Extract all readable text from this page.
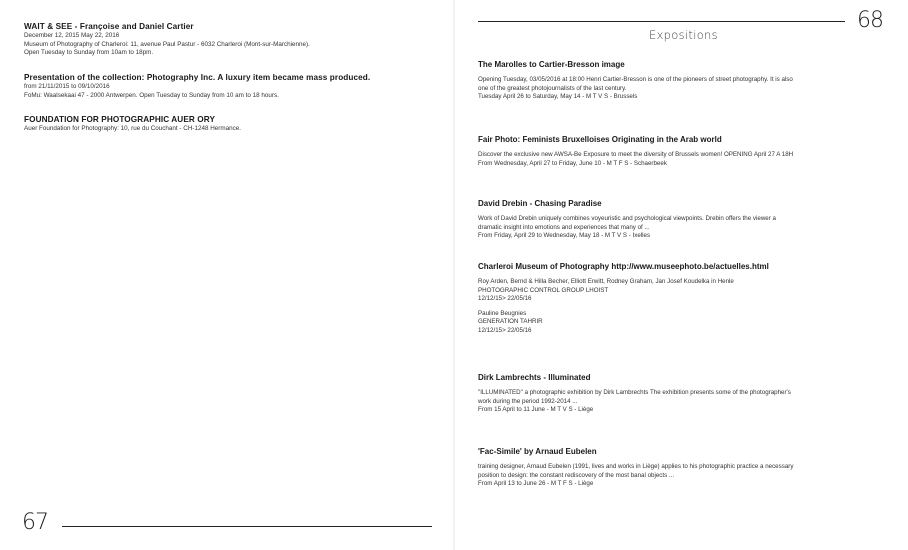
WAIT & SEE - Françoise and Daniel Cartier
December 12, 2015 May 22, 2016
Museum of Photography of Charleroi: 11, avenue Paul Pastur - 6032 Charleroi (Mont-sur-Marchienne).
Open Tuesday to Sunday from 10am to 18pm.
Presentation of the collection: Photography Inc. A luxury item became mass produced.
from 21/11/2015 to 09/10/2016
FoMu: Waalsekaai 47 - 2000 Antwerpen. Open Tuesday to Sunday from 10 am to 18 hours.
FOUNDATION FOR PHOTOGRAPHIC AUER ORY
Auer Foundation for Photography: 10, rue du Couchant - CH-1248 Hermance.
67
68
Expositions
The Marolles to Cartier-Bresson image
Opening Tuesday, 03/05/2016 at 18:00 Henri Cartier-Bresson is one of the pioneers of street photography. It is also
one of the greatest photojournalists of the last century.
Tuesday April 26 to Saturday, May 14 - M T V S - Brussels
Fair Photo: Feminists Bruxelloises Originating in the Arab world
Discover the exclusive new AWSA-Be Exposure to meet the diversity of Brussels women! OPENING April 27 A 18H
From Wednesday, April 27 to Friday, June 10 - M T F S - Schaerbeek
David Drebin - Chasing Paradise
Work of David Drebin uniquely combines voyeuristic and psychological viewpoints. Drebin offers the viewer a
dramatic insight into emotions and experiences that many of ...
From Friday, April 29 to Wednesday, May 18 - M T V S - Ixelles
Charleroi Museum of Photography http://www.museephoto.be/actuelles.html
Roy Arden, Bernd & Hilla Becher, Elliott Erwitt, Rodney Graham, Jan Josef Koudelka in Henle
PHOTOGRAPHIC CONTROL GROUP LHOIST
12/12/15> 22/05/16
Pauline Beugnies
GENERATION TAHRIR
12/12/15> 22/05/16
Dirk Lambrechts - Illuminated
"ILLUMINATED" a photographic exhibition by Dirk Lambrechts The exhibition presents some of the photographer's
work during the period 1992-2014 ...
From 15 April to 11 June - M T V S - Liège
'Fac-Simile' by Arnaud Eubelen
training designer, Arnaud Eubelen (1991, lives and works in Liège) applies to his photographic practice a necessary
position to design: the constant rediscovery of the most banal objects ...
From April 13 to June 26 - M T F S - Liège
